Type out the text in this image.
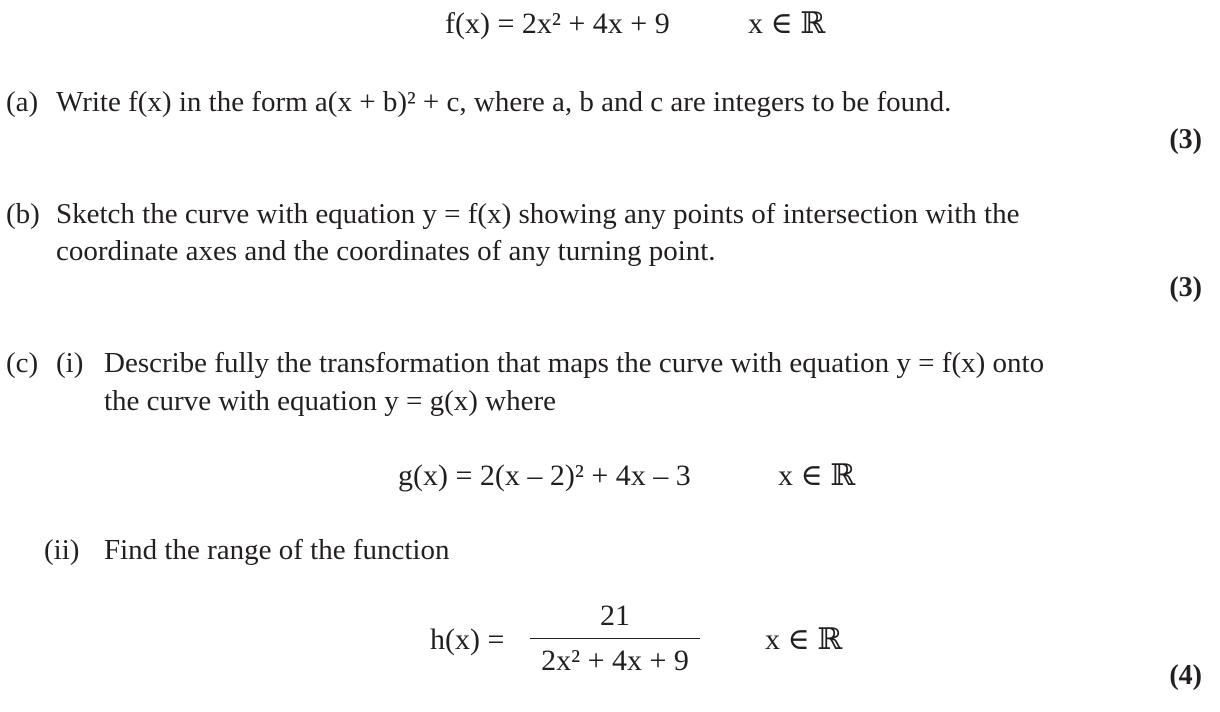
f(x) = 2x² + 4x + 9	x ∈ ℝ
(a) Write f(x) in the form a(x + b)² + c, where a, b and c are integers to be found.
(3)
(b) Sketch the curve with equation y = f(x) showing any points of intersection with the
coordinate axes and the coordinates of any turning point.
(3)
(c) (i) Describe fully the transformation that maps the curve with equation y = f(x) onto
the curve with equation y = g(x) where
g(x) = 2(x – 2)² + 4x – 3	x ∈ ℝ
(ii) Find the range of the function
h(x) =
21
2x² + 4x + 9
x ∈ ℝ
(4)
